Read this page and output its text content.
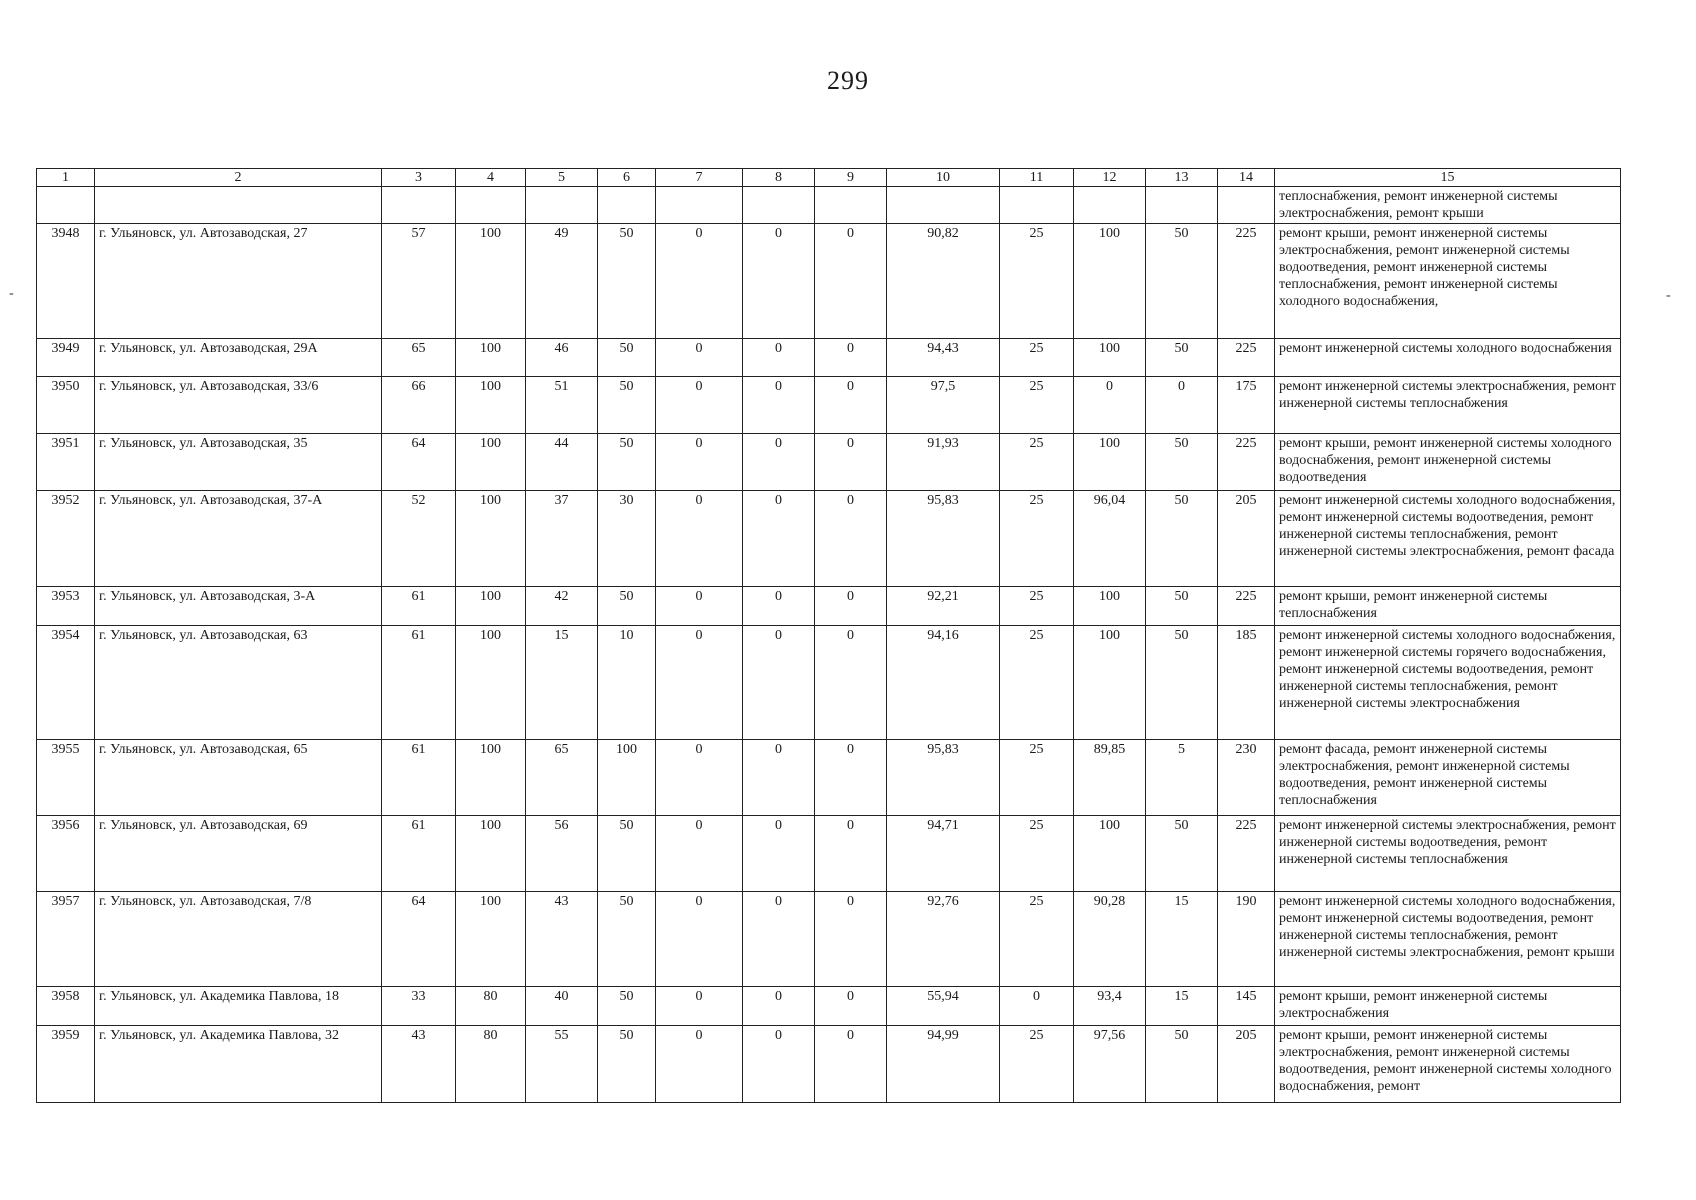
299
-	-
1	2	3	4	5	6	7	8	9	10	11	12	13	14	15
														теплоснабжения, ремонт инженерной системы электроснабжения, ремонт крыши
3948	г. Ульяновск, ул. Автозаводская, 27	57	100	49	50	0	0	0	90,82	25	100	50	225	ремонт крыши, ремонт инженерной системы электроснабжения, ремонт инженерной системы водоотведения, ремонт инженерной системы теплоснабжения, ремонт инженерной системы холодного водоснабжения,
3949	г. Ульяновск, ул. Автозаводская, 29А	65	100	46	50	0	0	0	94,43	25	100	50	225	ремонт инженерной системы холодного водоснабжения
3950	г. Ульяновск, ул. Автозаводская, 33/6	66	100	51	50	0	0	0	97,5	25	0	0	175	ремонт инженерной системы электроснабжения, ремонт инженерной системы теплоснабжения
3951	г. Ульяновск, ул. Автозаводская, 35	64	100	44	50	0	0	0	91,93	25	100	50	225	ремонт крыши, ремонт инженерной системы холодного водоснабжения, ремонт инженерной системы водоотведения
3952	г. Ульяновск, ул. Автозаводская, 37-А	52	100	37	30	0	0	0	95,83	25	96,04	50	205	ремонт инженерной системы холодного водоснабжения, ремонт инженерной системы водоотведения, ремонт инженерной системы теплоснабжения, ремонт инженерной системы электроснабжения, ремонт фасада
3953	г. Ульяновск, ул. Автозаводская, 3-А	61	100	42	50	0	0	0	92,21	25	100	50	225	ремонт крыши, ремонт инженерной системы теплоснабжения
3954	г. Ульяновск, ул. Автозаводская, 63	61	100	15	10	0	0	0	94,16	25	100	50	185	ремонт инженерной системы холодного водоснабжения, ремонт инженерной системы горячего водоснабжения, ремонт инженерной системы водоотведения, ремонт инженерной системы теплоснабжения, ремонт инженерной системы электроснабжения
3955	г. Ульяновск, ул. Автозаводская, 65	61	100	65	100	0	0	0	95,83	25	89,85	5	230	ремонт фасада, ремонт инженерной системы электроснабжения, ремонт инженерной системы водоотведения, ремонт инженерной системы теплоснабжения
3956	г. Ульяновск, ул. Автозаводская, 69	61	100	56	50	0	0	0	94,71	25	100	50	225	ремонт инженерной системы электроснабжения, ремонт инженерной системы водоотведения, ремонт инженерной системы теплоснабжения
3957	г. Ульяновск, ул. Автозаводская, 7/8	64	100	43	50	0	0	0	92,76	25	90,28	15	190	ремонт инженерной системы холодного водоснабжения, ремонт инженерной системы водоотведения, ремонт инженерной системы теплоснабжения, ремонт инженерной системы электроснабжения, ремонт крыши
3958	г. Ульяновск, ул. Академика Павлова, 18	33	80	40	50	0	0	0	55,94	0	93,4	15	145	ремонт крыши, ремонт инженерной системы электроснабжения
3959	г. Ульяновск, ул. Академика Павлова, 32	43	80	55	50	0	0	0	94,99	25	97,56	50	205	ремонт крыши, ремонт инженерной системы электроснабжения, ремонт инженерной системы водоотведения, ремонт инженерной системы холодного водоснабжения, ремонт
